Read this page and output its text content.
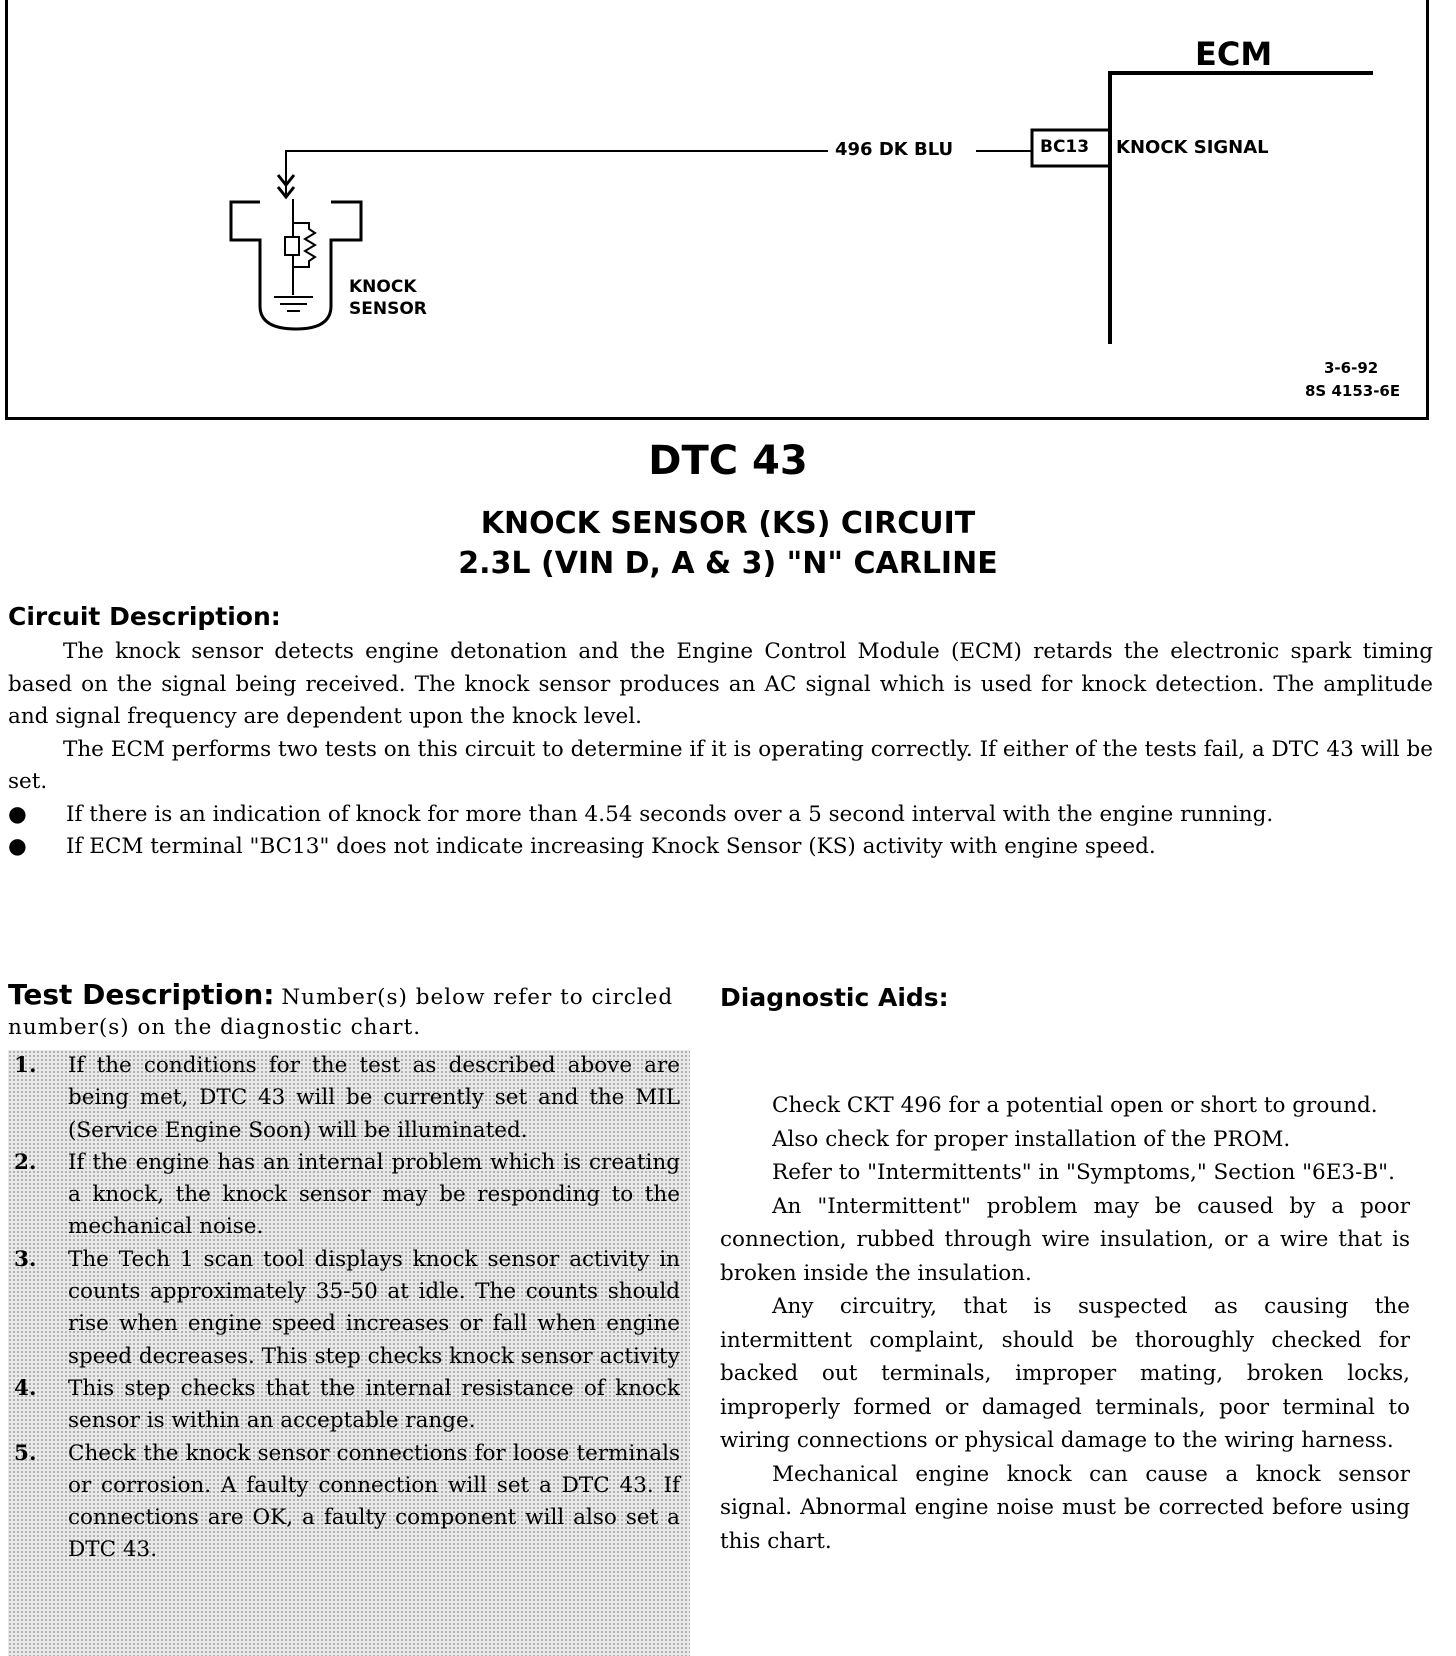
ECM
496 DK BLU	BC13 KNOCK SIGNAL
KNOCK
SENSOR
3-6-92
8S 4153-6E
DTC 43
KNOCK SENSOR (KS) CIRCUIT
2.3L (VIN D, A & 3) "N" CARLINE
Circuit Description:

The knock sensor detects engine detonation and the Engine Control Module (ECM) retards the electronic spark timing based on the signal being received. The knock sensor produces an AC signal which is used for knock detection. The amplitude and signal frequency are dependent upon the knock level.

The ECM performs two tests on this circuit to determine if it is operating correctly. If either of the tests fail, a DTC 43 will be set.

● If there is an indication of knock for more than 4.54 seconds over a 5 second interval with the engine running.
● If ECM terminal "BC13" does not indicate increasing Knock Sensor (KS) activity with engine speed.
Test Description: Number(s) below refer to circled number(s) on the diagnostic chart.
1. If the conditions for the test as described above are being met, DTC 43 will be currently set and the MIL (Service Engine Soon) will be illuminated.
2. If the engine has an internal problem which is creating a knock, the knock sensor may be responding to the mechanical noise.
3. The Tech 1 scan tool displays knock sensor activity in counts approximately 35-50 at idle. The counts should rise when engine speed increases or fall when engine speed decreases. This step checks knock sensor activity
4. This step checks that the internal resistance of knock sensor is within an acceptable range.
5. Check the knock sensor connections for loose terminals or corrosion. A faulty connection will set a DTC 43. If connections are OK, a faulty component will also set a DTC 43.
Diagnostic Aids:

Check CKT 496 for a potential open or short to ground.

Also check for proper installation of the PROM.

Refer to "Intermittents" in "Symptoms," Section "6E3-B".

An "Intermittent" problem may be caused by a poor connection, rubbed through wire insulation, or a wire that is broken inside the insulation.

Any circuitry, that is suspected as causing the intermittent complaint, should be thoroughly checked for backed out terminals, improper mating, broken locks, improperly formed or damaged terminals, poor terminal to wiring connections or physical damage to the wiring harness.

Mechanical engine knock can cause a knock sensor signal. Abnormal engine noise must be corrected before using this chart.
